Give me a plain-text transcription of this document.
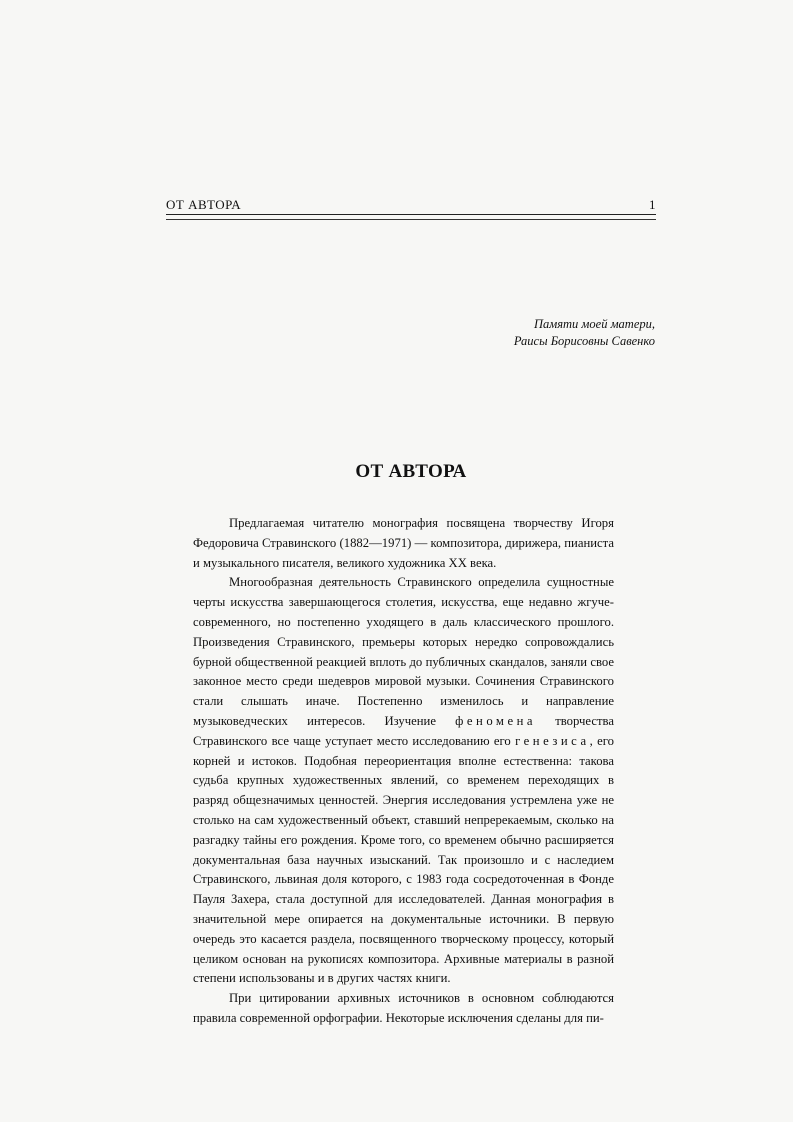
ОТ АВТОРА	1
Памяти моей матери,
Раисы Борисовны Савенко
ОТ АВТОРА

Предлагаемая читателю монография посвящена творчеству Игоря Федоровича Стравинского (1882—1971) — композитора, дирижера, пианиста и музыкального писателя, великого художника XX века.

Многообразная деятельность Стравинского определила сущностные черты искусства завершающегося столетия, искусства, еще недавно жгуче-современного, но постепенно уходящего в даль классического прошлого. Произведения Стравинского, премьеры которых нередко сопровождались бурной общественной реакцией вплоть до публичных скандалов, заняли свое законное место среди шедевров мировой музыки. Сочинения Стравинского стали слышать иначе. Постепенно изменилось и направление музыковедческих интересов. Изучение феномена творчества Стравинского все чаще уступает место исследованию его генезиса, его корней и истоков. Подобная переориентация вполне естественна: такова судьба крупных художественных явлений, со временем переходящих в разряд общезначимых ценностей. Энергия исследования устремлена уже не столько на сам художественный объект, ставший непререкаемым, сколько на разгадку тайны его рождения. Кроме того, со временем обычно расширяется документальная база научных изысканий. Так произошло и с наследием Стравинского, львиная доля которого, с 1983 года сосредоточенная в Фонде Пауля Захера, стала доступной для исследователей. Данная монография в значительной мере опирается на документальные источники. В первую очередь это касается раздела, посвященного творческому процессу, который целиком основан на рукописях композитора. Архивные материалы в разной степени использованы и в других частях книги.

При цитировании архивных источников в основном соблюдаются правила современной орфографии. Некоторые исключения сделаны для пи-
